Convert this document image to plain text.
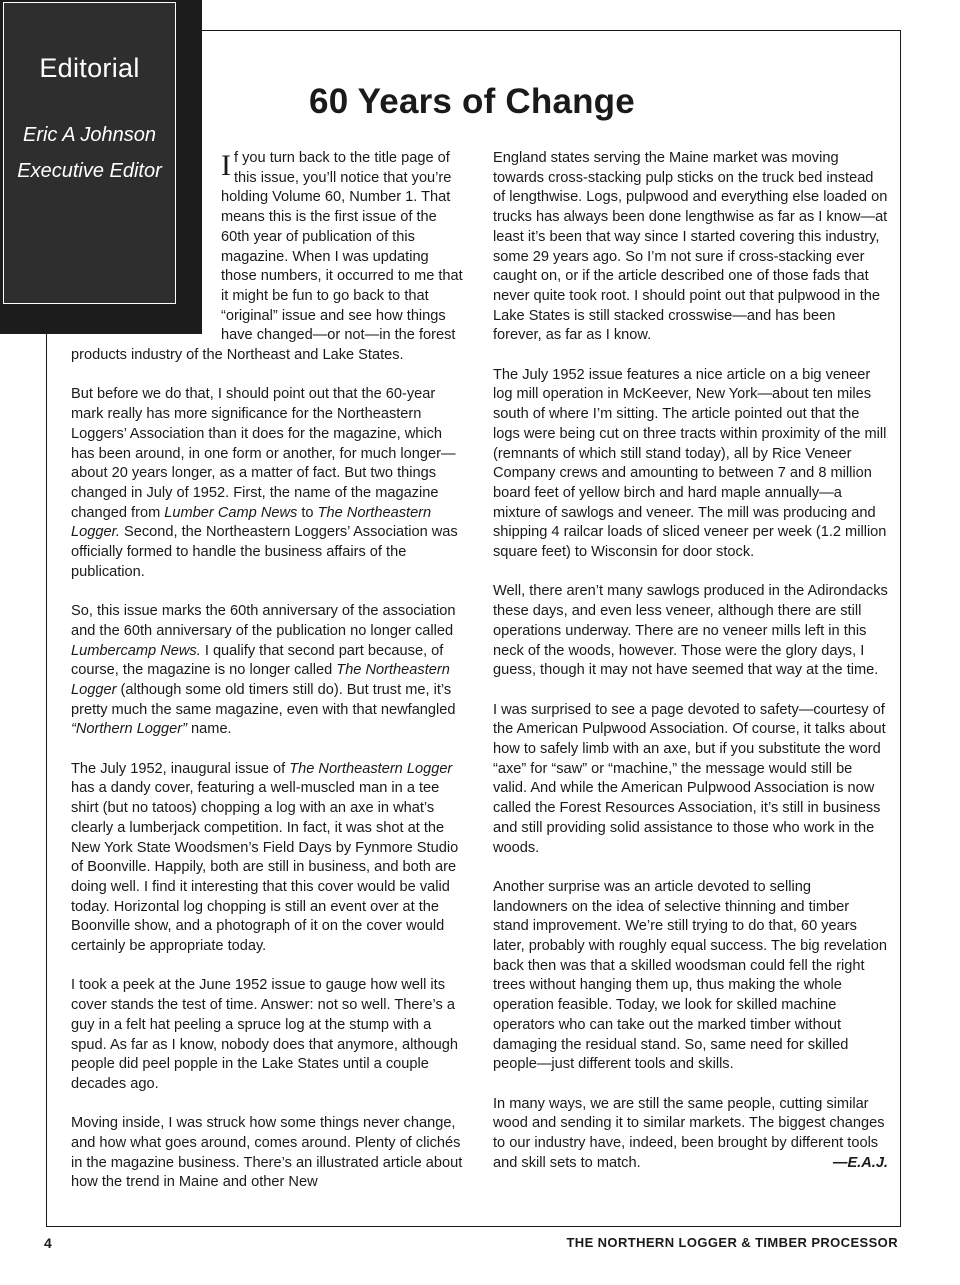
Editorial
Eric A Johnson
Executive Editor
60 Years of Change

If you turn back to the title page of this issue, you’ll notice that you’re holding Volume 60, Number 1. That means this is the first issue of the 60th year of publication of this magazine. When I was updating those numbers, it occurred to me that it might be fun to go back to that “original” issue and see how things have changed—or not—in the forest products industry of the Northeast and Lake States.

But before we do that, I should point out that the 60-year mark really has more significance for the Northeastern Loggers’ Association than it does for the magazine, which has been around, in one form or another, for much longer—about 20 years longer, as a matter of fact. But two things changed in July of 1952. First, the name of the magazine changed from Lumber Camp News to The Northeastern Logger. Second, the Northeastern Loggers’ Association was officially formed to handle the business affairs of the publication.

So, this issue marks the 60th anniversary of the association and the 60th anniversary of the publication no longer called Lumbercamp News. I qualify that second part because, of course, the magazine is no longer called The Northeastern Logger (although some old timers still do). But trust me, it’s pretty much the same magazine, even with that newfangled “Northern Logger” name.

The July 1952, inaugural issue of The Northeastern Logger has a dandy cover, featuring a well-muscled man in a tee shirt (but no tatoos) chopping a log with an axe in what’s clearly a lumberjack competition. In fact, it was shot at the New York State Woodsmen’s Field Days by Fynmore Studio of Boonville. Happily, both are still in business, and both are doing well. I find it interesting that this cover would be valid today. Horizontal log chopping is still an event over at the Boonville show, and a photograph of it on the cover would certainly be appropriate today.

I took a peek at the June 1952 issue to gauge how well its cover stands the test of time. Answer: not so well. There’s a guy in a felt hat peeling a spruce log at the stump with a spud. As far as I know, nobody does that anymore, although people did peel popple in the Lake States until a couple decades ago.

Moving inside, I was struck how some things never change, and how what goes around, comes around. Plenty of clichés in the magazine business. There’s an illustrated article about how the trend in Maine and other New

England states serving the Maine market was moving towards cross-stacking pulp sticks on the truck bed instead of lengthwise. Logs, pulpwood and everything else loaded on trucks has always been done lengthwise as far as I know—at least it’s been that way since I started covering this industry, some 29 years ago. So I’m not sure if cross-stacking ever caught on, or if the article described one of those fads that never quite took root. I should point out that pulpwood in the Lake States is still stacked crosswise—and has been forever, as far as I know.

The July 1952 issue features a nice article on a big veneer log mill operation in McKeever, New York—about ten miles south of where I’m sitting. The article pointed out that the logs were being cut on three tracts within proximity of the mill (remnants of which still stand today), all by Rice Veneer Company crews and amounting to between 7 and 8 million board feet of yellow birch and hard maple annually—a mixture of sawlogs and veneer. The mill was producing and shipping 4 railcar loads of sliced veneer per week (1.2 million square feet) to Wisconsin for door stock.

Well, there aren’t many sawlogs produced in the Adirondacks these days, and even less veneer, although there are still operations underway. There are no veneer mills left in this neck of the woods, however. Those were the glory days, I guess, though it may not have seemed that way at the time.

I was surprised to see a page devoted to safety—courtesy of the American Pulpwood Association. Of course, it talks about how to safely limb with an axe, but if you substitute the word “axe” for “saw” or “machine,” the message would still be valid. And while the American Pulpwood Association is now called the Forest Resources Association, it’s still in business and still providing solid assistance to those who work in the woods.

Another surprise was an article devoted to selling landowners on the idea of selective thinning and timber stand improvement. We’re still trying to do that, 60 years later, probably with roughly equal success. The big revelation back then was that a skilled woodsman could fell the right trees without hanging them up, thus making the whole operation feasible. Today, we look for skilled machine operators who can take out the marked timber without damaging the residual stand. So, same need for skilled people—just different tools and skills.

In many ways, we are still the same people, cutting similar wood and sending it to similar markets. The biggest changes to our industry have, indeed, been brought by different tools and skill sets to match.	—E.A.J.

4	THE NORTHERN LOGGER & TIMBER PROCESSOR
